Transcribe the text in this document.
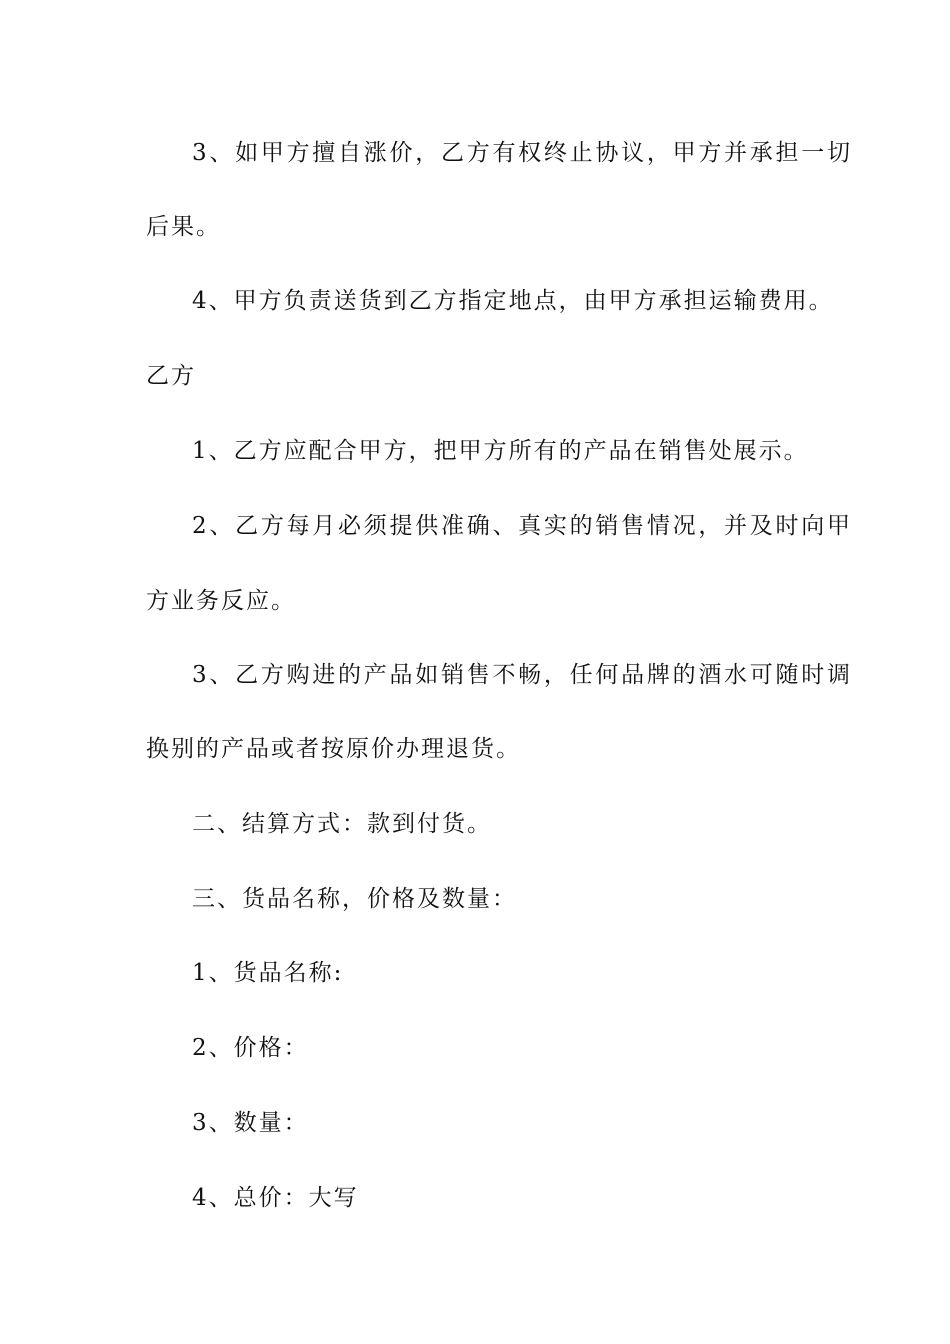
3、如甲方擅自涨价，乙方有权终止协议，甲方并承担一切
后果。
4、甲方负责送货到乙方指定地点，由甲方承担运输费用。
乙方
1、乙方应配合甲方，把甲方所有的产品在销售处展示。
2、乙方每月必须提供准确、真实的销售情况，并及时向甲
方业务反应。
3、乙方购进的产品如销售不畅，任何品牌的酒水可随时调
换别的产品或者按原价办理退货。
二、结算方式：款到付货。
三、货品名称，价格及数量：
1、货品名称:
2、价格：
3、数量：
4、总价：大写
